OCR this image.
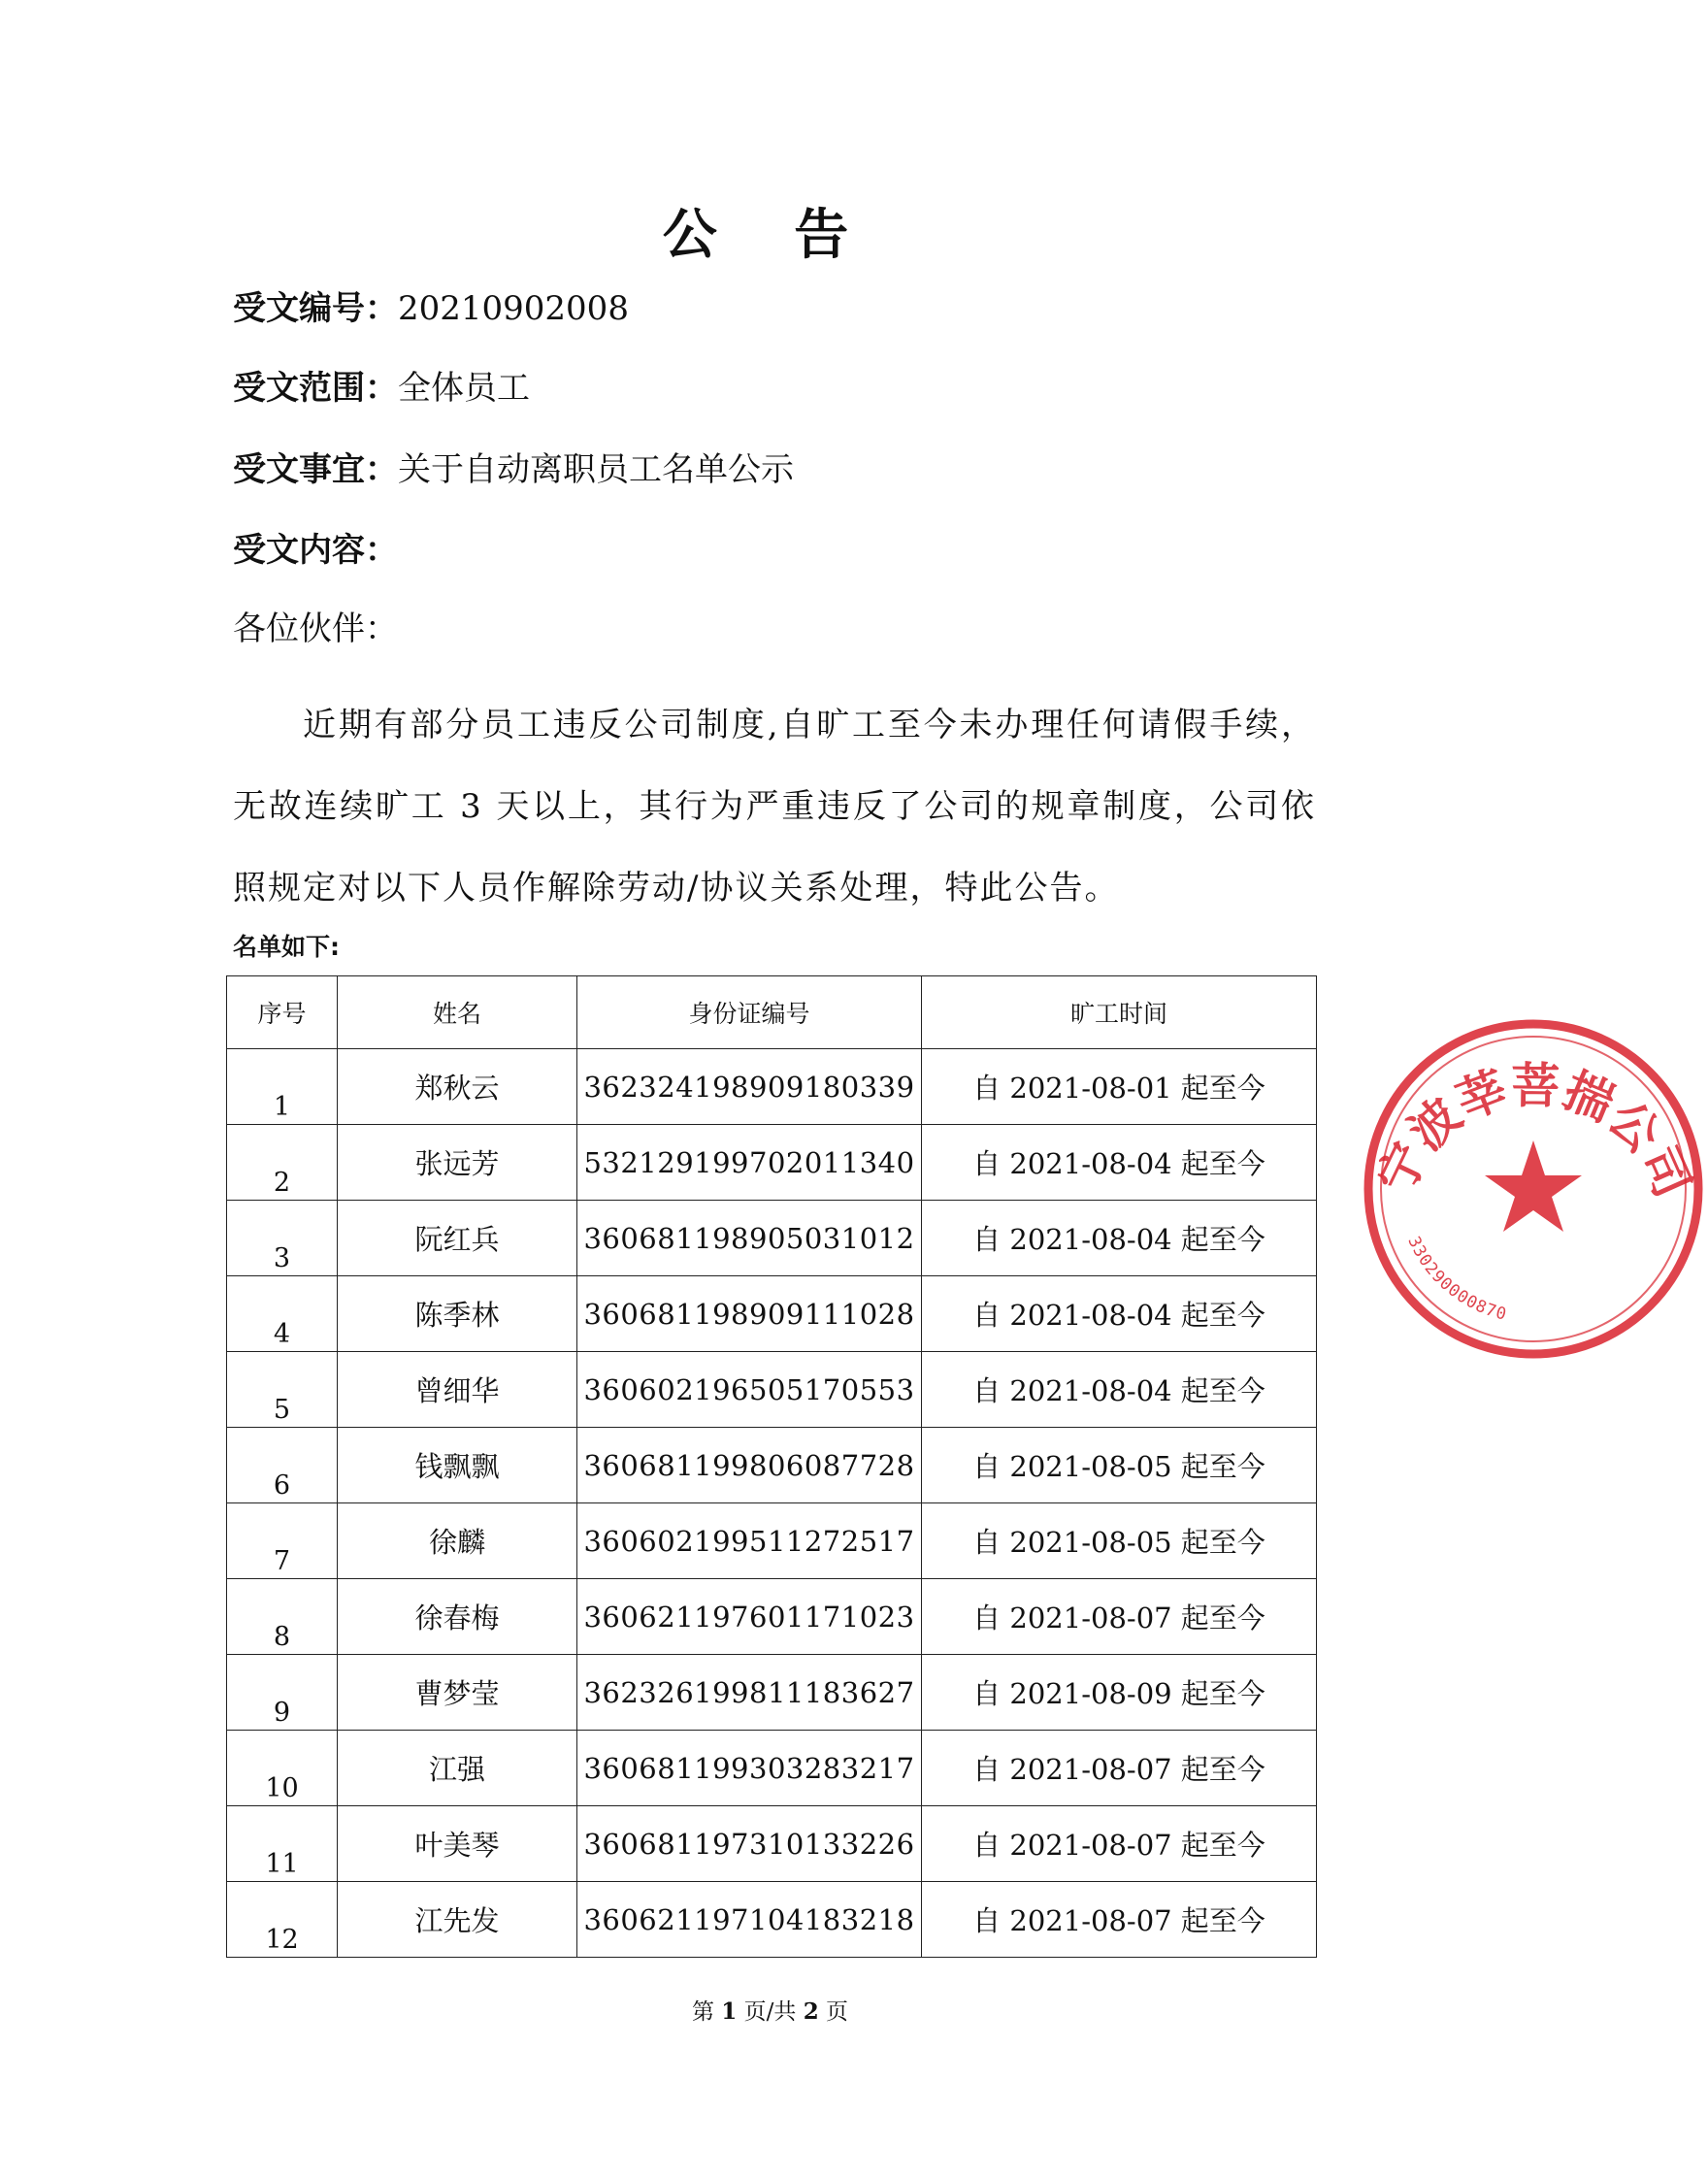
公 告
受文编号：20210902008
受文范围：全体员工
受文事宜：关于自动离职员工名单公示
受文内容：
各位伙伴：
近期有部分员工违反公司制度,自旷工至今未办理任何请假手续，无故连续旷工 3 天以上，其行为严重违反了公司的规章制度，公司依照规定对以下人员作解除劳动/协议关系处理，特此公告。
名单如下:
序号	姓名	身份证编号	旷工时间
1	郑秋云	362324198909180339	自 2021-08-01 起至今
2	张远芳	532129199702011340	自 2021-08-04 起至今
3	阮红兵	360681198905031012	自 2021-08-04 起至今
4	陈季林	360681198909111028	自 2021-08-04 起至今
5	曾细华	360602196505170553	自 2021-08-04 起至今
6	钱飘飘	360681199806087728	自 2021-08-05 起至今
7	徐麟	360602199511272517	自 2021-08-05 起至今
8	徐春梅	360621197601171023	自 2021-08-07 起至今
9	曹梦莹	362326199811183627	自 2021-08-09 起至今
10	江强	360681199303283217	自 2021-08-07 起至今
11	叶美琴	360681197310133226	自 2021-08-07 起至今
12	江先发	360621197104183218	自 2021-08-07 起至今
第 1 页/共 2 页
宁波莘菩揣公司
330290000870
